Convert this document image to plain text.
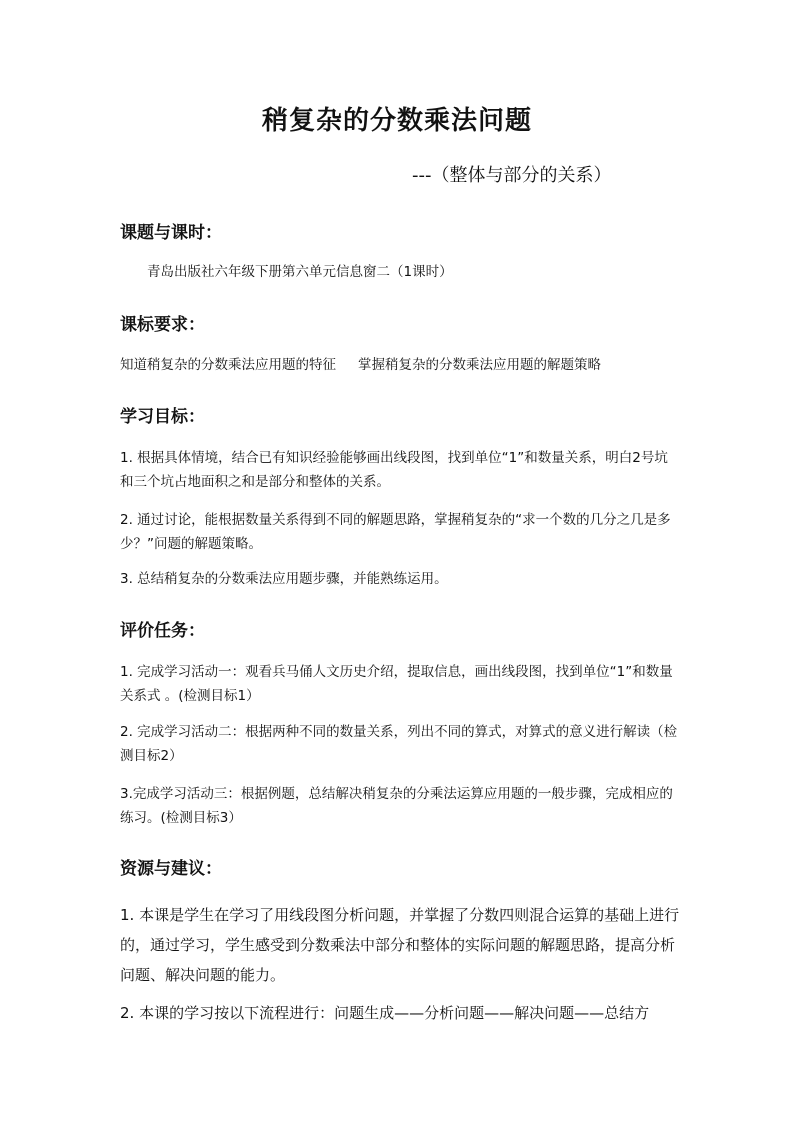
稍复杂的分数乘法问题
---（整体与部分的关系）
课题与课时：
青岛出版社六年级下册第六单元信息窗二（1课时）
课标要求：
知道稍复杂的分数乘法应用题的特征 掌握稍复杂的分数乘法应用题的解题策略
学习目标：
1. 根据具体情境，结合已有知识经验能够画出线段图，找到单位“1”和数量关系，明白2号坑和三个坑占地面积之和是部分和整体的关系。
2. 通过讨论，能根据数量关系得到不同的解题思路，掌握稍复杂的“求一个数的几分之几是多少？”问题的解题策略。
3. 总结稍复杂的分数乘法应用题步骤，并能熟练运用。
评价任务：
1. 完成学习活动一：观看兵马俑人文历史介绍，提取信息，画出线段图，找到单位“1”和数量关系式 。(检测目标1）
2. 完成学习活动二：根据两种不同的数量关系，列出不同的算式，对算式的意义进行解读（检测目标2）
3.完成学习活动三：根据例题，总结解决稍复杂的分乘法运算应用题的一般步骤，完成相应的练习。(检测目标3）
资源与建议：
1. 本课是学生在学习了用线段图分析问题，并掌握了分数四则混合运算的基础上进行的，通过学习，学生感受到分数乘法中部分和整体的实际问题的解题思路，提高分析问题、解决问题的能力。
2. 本课的学习按以下流程进行：问题生成——分析问题——解决问题——总结方
